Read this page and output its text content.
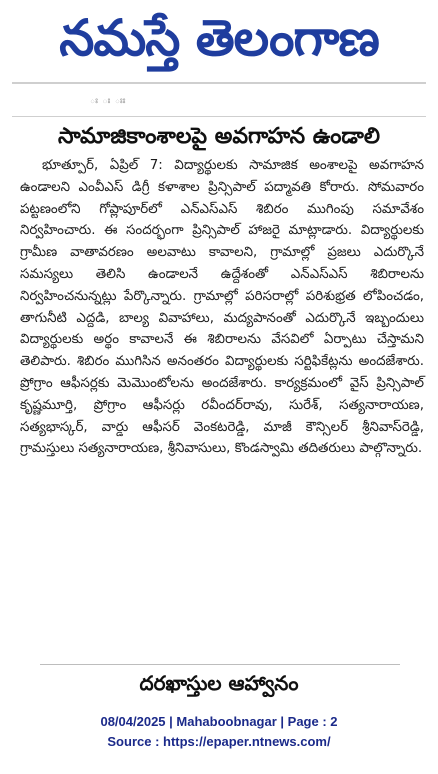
నమస్తే తెలంగాణ
ః ః ఃః
సామాజికాంశాలపై అవగాహన ఉండాలి

భూత్పూర్, ఏప్రిల్ 7: విద్యార్థులకు సామాజిక అంశాలపై అవగాహన ఉండాలని ఎంవీఎస్ డిగ్రీ కళాశాల ప్రిన్సిపాల్ పద్మావతి కోరారు. సోమవారం పట్టణంలోని గోప్లాపూర్‌లో ఎన్ఎస్ఎస్ శిబిరం ముగింపు సమావేశం నిర్వహించారు. ఈ సందర్భంగా ప్రిన్సిపాల్ హాజరై మాట్లాడారు. విద్యార్థులకు గ్రామీణ వాతావరణం అలవాటు కావాలని, గ్రామాల్లో ప్రజలు ఎదుర్కొనే సమస్యలు తెలిసి ఉండాలనే ఉద్దేశంతో ఎన్ఎస్ఎస్ శిబిరాలను నిర్వహించనున్నట్లు పేర్కొన్నారు. గ్రామాల్లో పరిసరాల్లో పరిశుభ్రత లోపించడం, తాగునీటి ఎద్దడి, బాల్య వివాహాలు, మద్యపానంతో ఎదుర్కొనే ఇబ్బందులు విద్యార్థులకు అర్థం కావాలనే ఈ శిబిరాలను వేసవిలో ఏర్పాటు చేస్తామని తెలిపారు. శిబిరం ముగిసిన అనంతరం విద్యార్థులకు సర్టిఫికేట్లను అందజేశారు. ప్రోగ్రాం ఆఫీసర్లకు మెమొంటోలను అందజేశారు. కార్యక్రమంలో వైస్ ప్రిన్సిపాల్ కృష్ణమూర్తి, ప్రోగ్రాం ఆఫీసర్లు రవీందర్‌రావు, సురేశ్, సత్యనారాయణ, సత్యభాస్కర్, వార్డు ఆఫీసర్ వెంకటరెడ్డి, మాజీ కౌన్సిలర్ శ్రీనివాస్‌రెడ్డి, గ్రామస్తులు సత్యనారాయణ, శ్రీనివాసులు, కొండస్వామి తదితరులు పాల్గొన్నారు.

దరఖాస్తుల ఆహ్వానం
08/04/2025 | Mahaboobnagar | Page : 2
Source : https://epaper.ntnews.com/
